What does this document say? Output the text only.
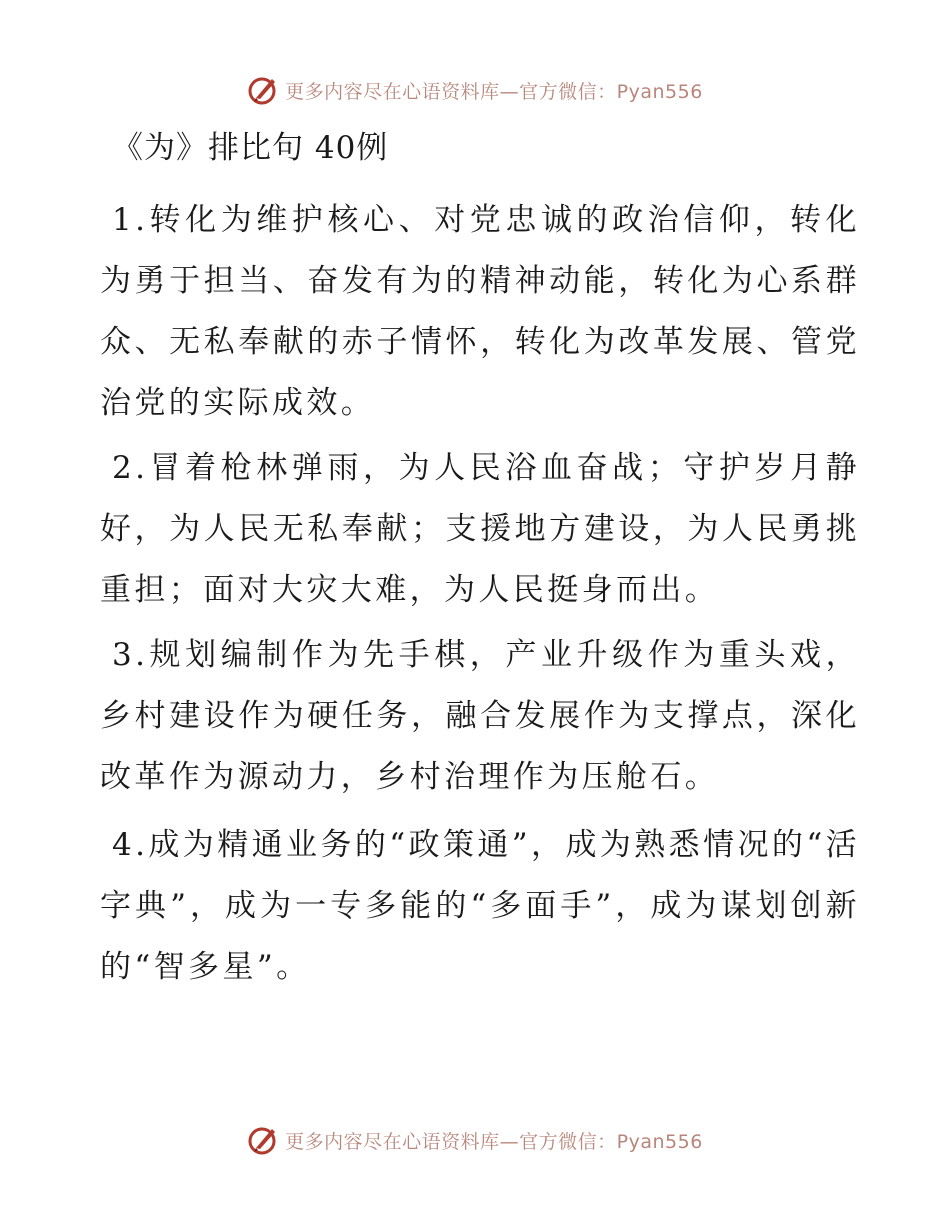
更多内容尽在心语资料库—官方微信：Pyan556
《为》排比句 40例

1.转化为维护核心、对党忠诚的政治信仰，转化为勇于担当、奋发有为的精神动能，转化为心系群众、无私奉献的赤子情怀，转化为改革发展、管党治党的实际成效。

2.冒着枪林弹雨，为人民浴血奋战；守护岁月静好，为人民无私奉献；支援地方建设，为人民勇挑重担；面对大灾大难，为人民挺身而出。

3.规划编制作为先手棋，产业升级作为重头戏，乡村建设作为硬任务，融合发展作为支撑点，深化改革作为源动力，乡村治理作为压舱石。

4.成为精通业务的“政策通”，成为熟悉情况的“活字典”，成为一专多能的“多面手”，成为谋划创新的“智多星”。

更多内容尽在心语资料库—官方微信：Pyan556
